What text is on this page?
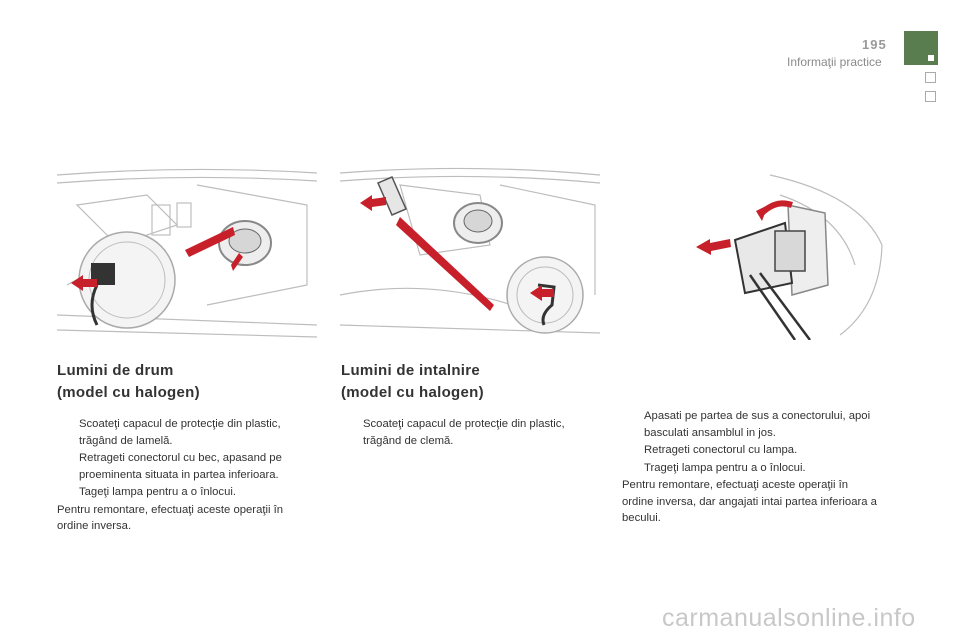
195
Informaţii practice
Lumini de drum
(model cu halogen)
Scoateţi capacul de protecţie din plastic, trăgând de lamelă.
Retrageti conectorul cu bec, apasand pe proeminenta situata in partea inferioara.
Tageţi lampa pentru a o înlocui.

Pentru remontare, efectuaţi aceste operaţii în ordine inversa.

Lumini de intalnire
(model cu halogen)
Scoateţi capacul de protecţie din plastic, trăgând de clemă.
Apasati pe partea de sus a conectorului, apoi basculati ansamblul in jos.
Retrageti conectorul cu lampa.
Trageţi lampa pentru a o înlocui.

Pentru remontare, efectuaţi aceste operaţii în ordine inversa, dar angajati intai partea inferioara a becului.

carmanualsonline.info
